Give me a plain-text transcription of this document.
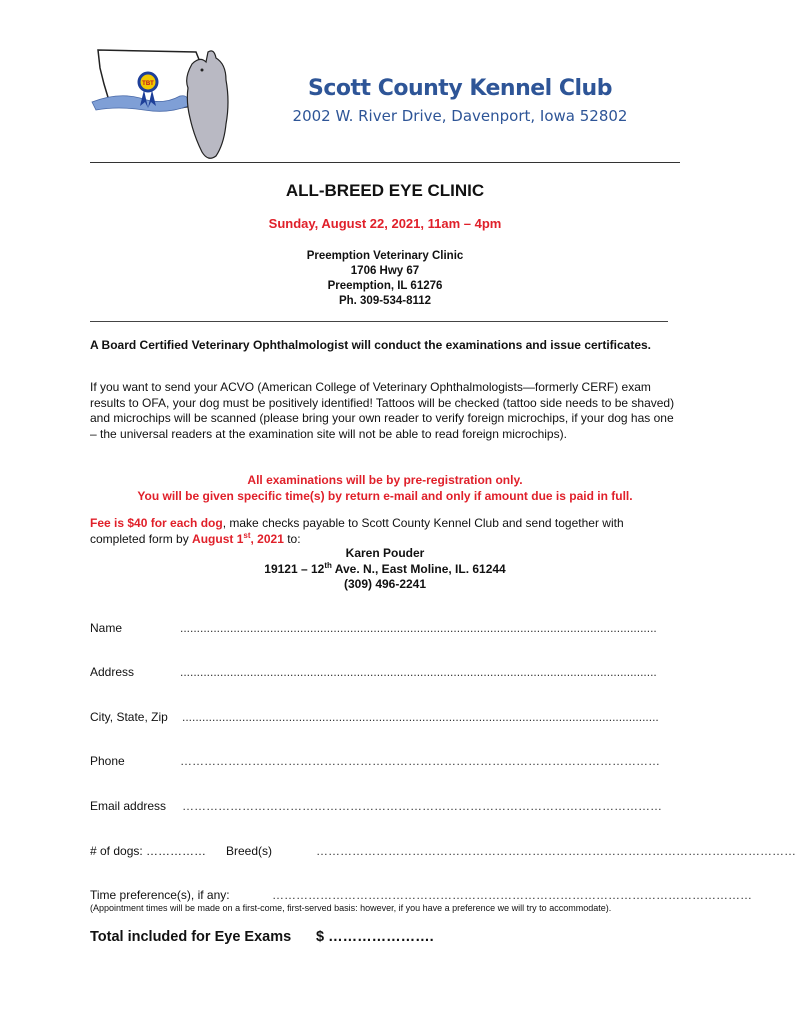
TBT	Scott County Kennel Club
2002 W. River Drive, Davenport, Iowa 52802
ALL-BREED EYE CLINIC
Sunday, August 22, 2021, 11am – 4pm
Preemption Veterinary Clinic
1706 Hwy 67
Preemption, IL 61276
Ph. 309-534-8112
A Board Certified Veterinary Ophthalmologist will conduct the examinations and issue certificates.
If you want to send your ACVO (American College of Veterinary Ophthalmologists—formerly CERF) exam results to OFA, your dog must be positively identified! Tattoos will be checked (tattoo side needs to be shaved) and microchips will be scanned (please bring your own reader to verify foreign microchips, if your dog has one – the universal readers at the examination site will not be able to read foreign microchips).
All examinations will be by pre-registration only.
You will be given specific time(s) by return e-mail and only if amount due is paid in full.
Fee is $40 for each dog, make checks payable to Scott County Kennel Club and send together with completed form by August 1st, 2021 to:
Karen Pouder
19121 – 12th Ave. N., East Moline, IL. 61244
(309) 496-2241
Name	...............................................................................................................................................
Address	...............................................................................................................................................
City, State, Zip ...............................................................................................................................................
Phone	…………………………………………………………………………………………………………
Email address …………………………………………………………………………………………………………
# of dogs: …………… Breed(s)	…………………………………………………………………………………………………………
Time preference(s), if any:	…………………………………………………………………………………………………………
(Appointment times will be made on a first-come, first-served basis: however, if you have a preference we will try to accommodate).
Total included for Eye Exams $ ………………….
